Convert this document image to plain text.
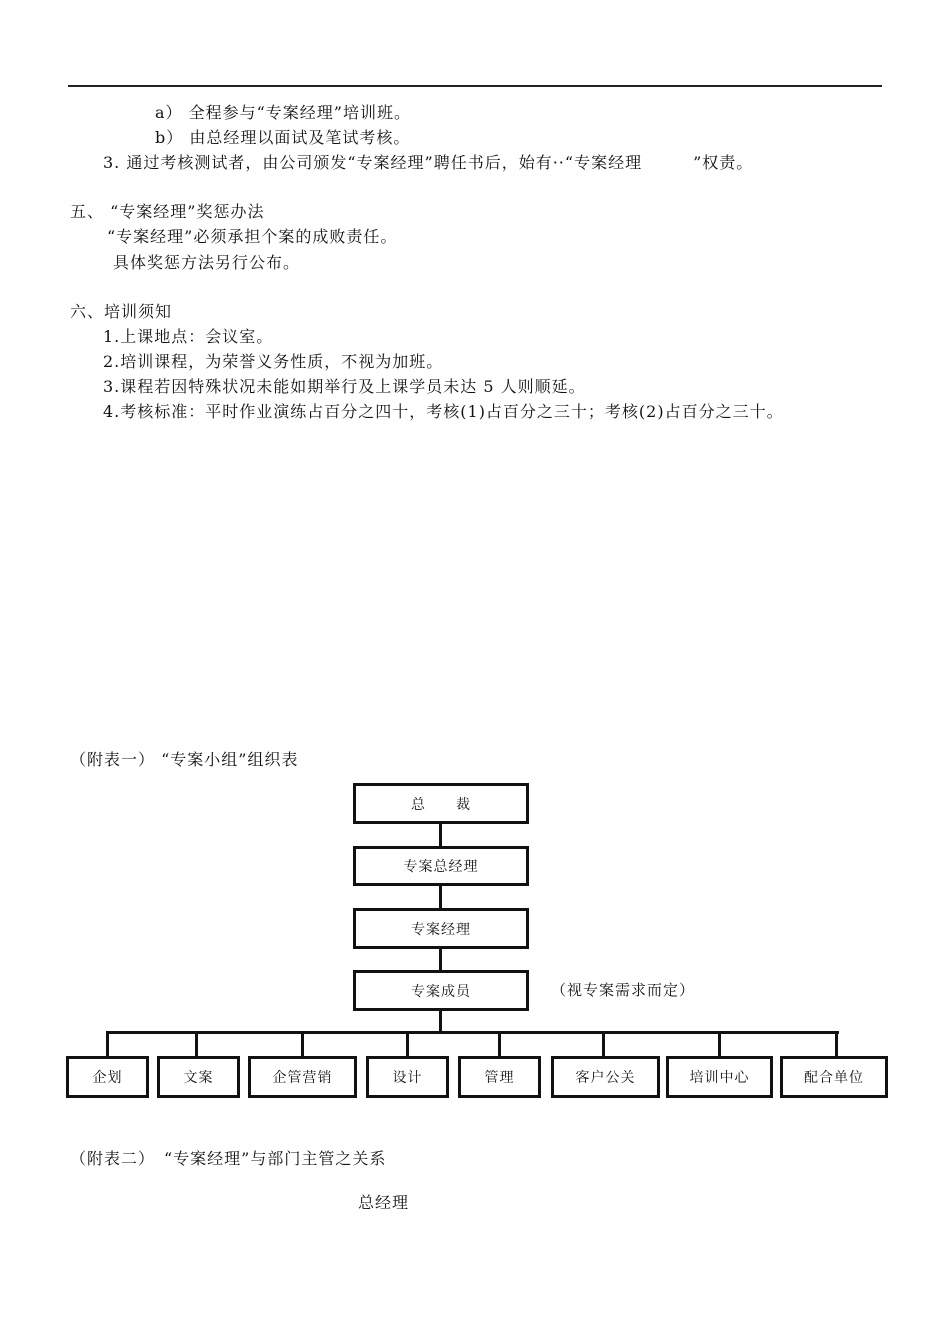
a） 全程参与“专案经理”培训班。
b） 由总经理以面试及笔试考核。
3. 通过考核测试者，由公司颁发“专案经理”聘任书后，始有··“专案经理　　　”权责。
五、 “专案经理”奖惩办法
“专案经理”必须承担个案的成败责任。
具体奖惩方法另行公布。
六、培训须知
1.上课地点：会议室。
2.培训课程，为荣誉义务性质，不视为加班。
3.课程若因特殊状况未能如期举行及上课学员未达 5 人则顺延。
4.考核标准：平时作业演练占百分之四十，考核(1)占百分之三十；考核(2)占百分之三十。
（附表一） “专案小组”组织表
总　　裁
专案总经理
专案经理
专案成员	（视专案需求而定）
企划	文案	企管营销	设计	管理	客户公关	培训中心	配合单位
（附表二）　“专案经理”与部门主管之关系
总经理
